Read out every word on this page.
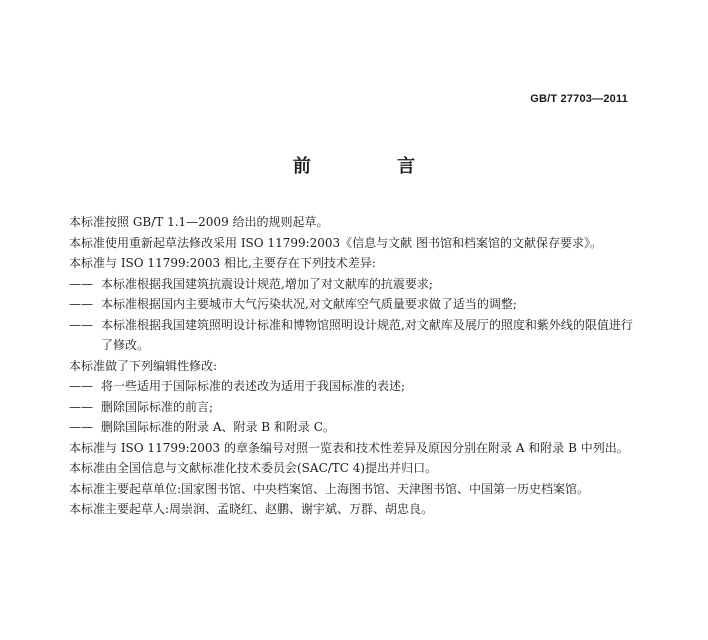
GB/T 27703—2011
前 言

本标准按照 GB/T 1.1—2009 给出的规则起草。

本标准使用重新起草法修改采用 ISO 11799:2003《信息与文献 图书馆和档案馆的文献保存要求》。

本标准与 ISO 11799:2003 相比,主要存在下列技术差异:

—— 本标准根据我国建筑抗震设计规范,增加了对文献库的抗震要求;

—— 本标准根据国内主要城市大气污染状况,对文献库空气质量要求做了适当的调整;

—— 本标准根据我国建筑照明设计标准和博物馆照明设计规范,对文献库及展厅的照度和紫外线的限值进行了修改。

本标准做了下列编辑性修改:

—— 将一些适用于国际标准的表述改为适用于我国标准的表述;

—— 删除国际标准的前言;

—— 删除国际标准的附录 A、附录 B 和附录 C。

本标准与 ISO 11799:2003 的章条编号对照一览表和技术性差异及原因分别在附录 A 和附录 B 中列出。

本标准由全国信息与文献标准化技术委员会(SAC/TC 4)提出并归口。

本标准主要起草单位:国家图书馆、中央档案馆、上海图书馆、天津图书馆、中国第一历史档案馆。

本标准主要起草人:周崇润、孟晓红、赵鹏、谢宇斌、万群、胡忠良。
